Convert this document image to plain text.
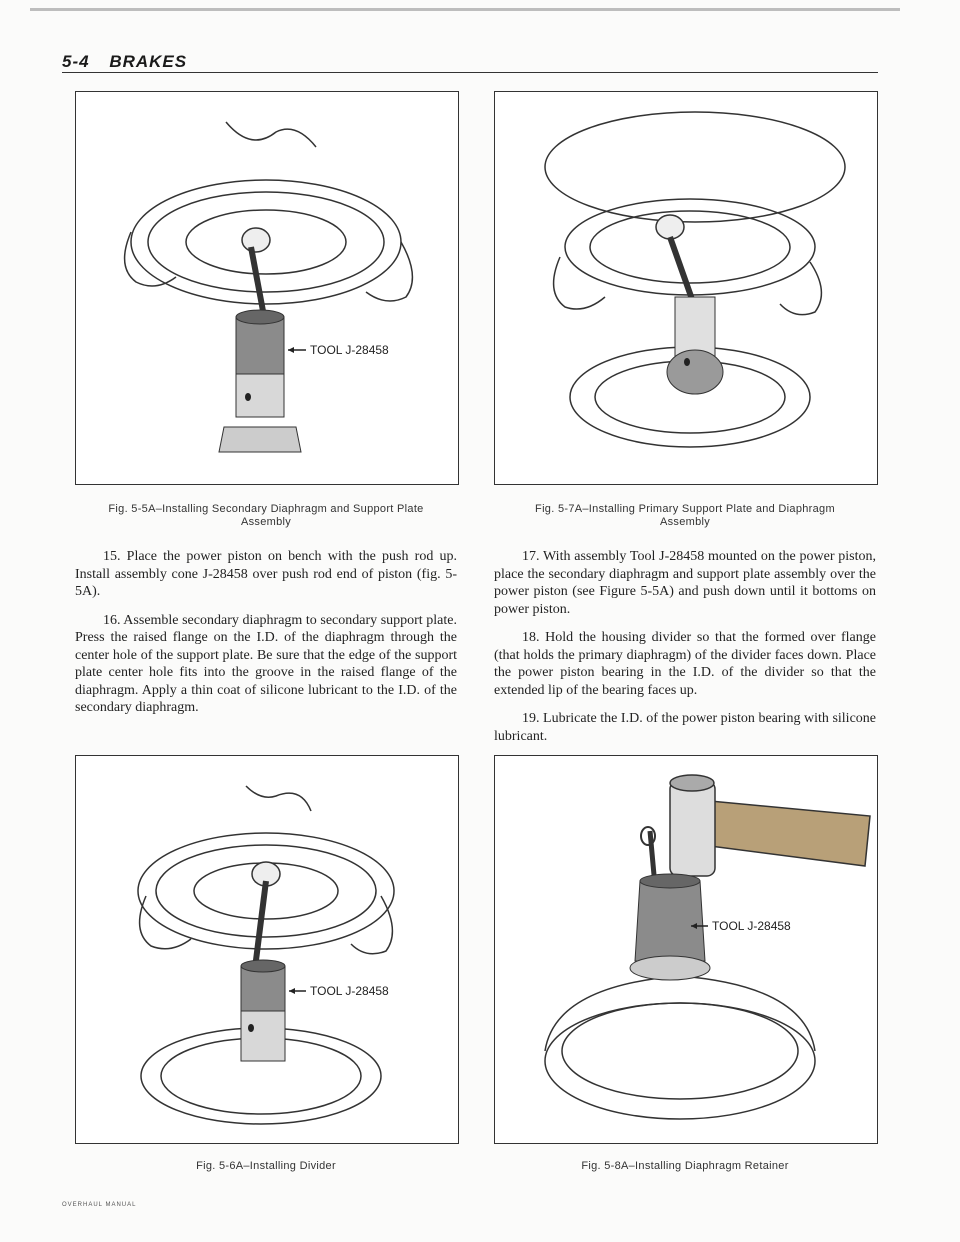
5-4 BRAKES
TOOL J-28458
Fig. 5-5A–Installing Secondary Diaphragm and Support Plate
Assembly
Fig. 5-7A–Installing Primary Support Plate and Diaphragm
Assembly

15. Place the power piston on bench with the push rod up. Install assembly cone J-28458 over push rod end of piston (fig. 5-5A).

16. Assemble secondary diaphragm to secondary support plate. Press the raised flange on the I.D. of the diaphragm through the center hole of the support plate. Be sure that the edge of the support plate center hole fits into the groove in the raised flange of the diaphragm. Apply a thin coat of silicone lubricant to the I.D. of the secondary diaphragm.

17. With assembly Tool J-28458 mounted on the power piston, place the secondary diaphragm and support plate assembly over the power piston (see Figure 5-5A) and push down until it bottoms on power piston.

18. Hold the housing divider so that the formed over flange (that holds the primary diaphragm) of the divider faces down. Place the power piston bearing in the I.D. of the divider so that the extended lip of the bearing faces up.

19. Lubricate the I.D. of the power piston bearing with silicone lubricant.

TOOL J-28458
Fig. 5-6A–Installing Divider
TOOL J-28458
Fig. 5-8A–Installing Diaphragm Retainer
OVERHAUL MANUAL
